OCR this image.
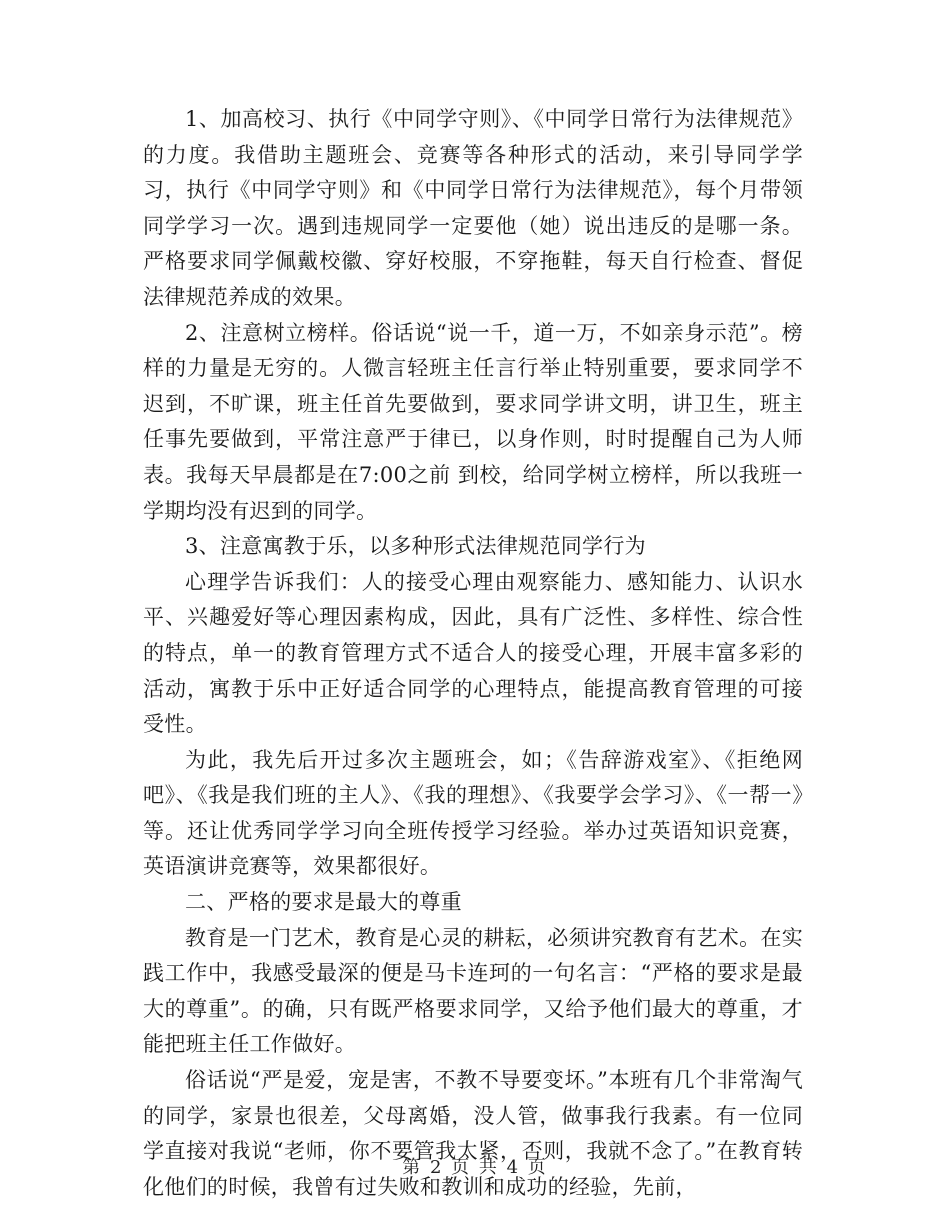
1、加高校习、执行《中同学守则》、《中同学日常行为法律规范》的力度。我借助主题班会、竞赛等各种形式的活动，来引导同学学习，执行《中同学守则》和《中同学日常行为法律规范》，每个月带领同学学习一次。遇到违规同学一定要他（她）说出违反的是哪一条。严格要求同学佩戴校徽、穿好校服，不穿拖鞋，每天自行检查、督促法律规范养成的效果。

2、注意树立榜样。俗话说“说一千，道一万，不如亲身示范”。榜样的力量是无穷的。人微言轻班主任言行举止特别重要，要求同学不迟到，不旷课，班主任首先要做到，要求同学讲文明，讲卫生，班主任事先要做到，平常注意严于律已，以身作则，时时提醒自己为人师表。我每天早晨都是在7:00之前 到校，给同学树立榜样，所以我班一学期均没有迟到的同学。

3、注意寓教于乐，以多种形式法律规范同学行为

心理学告诉我们：人的接受心理由观察能力、感知能力、认识水平、兴趣爱好等心理因素构成，因此，具有广泛性、多样性、综合性的特点，单一的教育管理方式不适合人的接受心理，开展丰富多彩的活动，寓教于乐中正好适合同学的心理特点，能提高教育管理的可接受性。

为此，我先后开过多次主题班会，如；《告辞游戏室》、《拒绝网吧》、《我是我们班的主人》、《我的理想》、《我要学会学习》、《一帮一》等。还让优秀同学学习向全班传授学习经验。举办过英语知识竞赛，英语演讲竞赛等，效果都很好。

二、严格的要求是最大的尊重

教育是一门艺术，教育是心灵的耕耘，必须讲究教育有艺术。在实践工作中，我感受最深的便是马卡连珂的一句名言：“严格的要求是最大的尊重”。的确，只有既严格要求同学，又给予他们最大的尊重，才能把班主任工作做好。

俗话说“严是爱，宠是害，不教不导要变坏。”本班有几个非常淘气的同学，家景也很差，父母离婚，没人管，做事我行我素。有一位同学直接对我说“老师，你不要管我太紧，否则，我就不念了。”在教育转化他们的时候，我曾有过失败和教训和成功的经验，先前，

第 2 页 共 4 页
